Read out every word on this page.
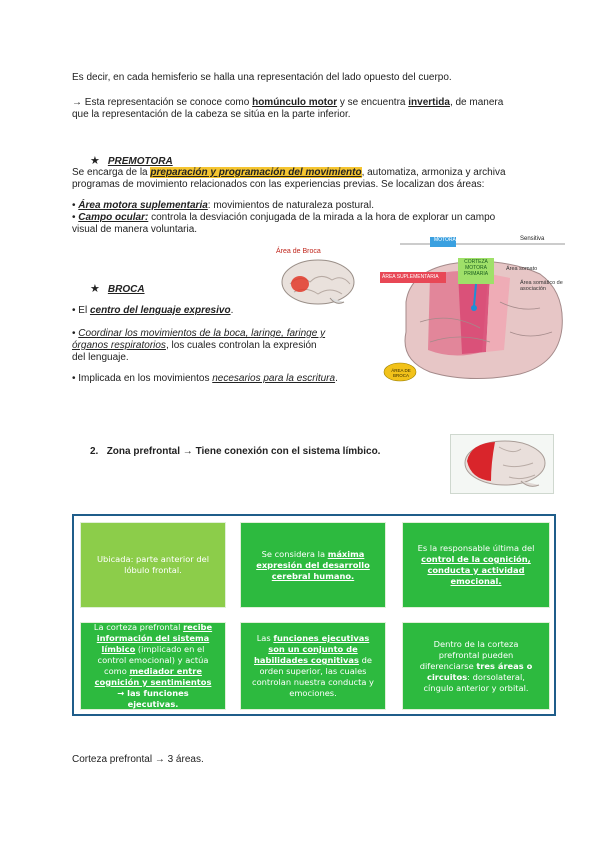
Es decir, en cada hemisferio se halla una representación del lado opuesto del cuerpo.
→ Esta representación se conoce como homúnculo motor y se encuentra invertida, de manera
que la representación de la cabeza se sitúa en la parte inferior.
★ PREMOTORA
Se encarga de la preparación y programación del movimiento, automatiza, armoniza y archiva
programas de movimiento relacionados con las experiencias previas. Se localizan dos áreas:
• Área motora suplementaria: movimientos de naturaleza postural.
• Campo ocular: controla la desviación conjugada de la mirada a la hora de explorar un campo
visual de manera voluntaria.
Área de Broca
MOTORA	Sensitiva
CORTEZA MOTORA PRIMARIA
ÁREA SUPLEMENTARIA
Área somato
Área somático de asociación
ÁREA DE BROCA
★ BROCA
• El centro del lenguaje expresivo.
• Coordinar los movimientos de la boca, laringe, faringe y
órganos respiratorios, los cuales controlan la expresión
del lenguaje.
• Implicada en los movimientos necesarios para la escritura.
2. Zona prefrontal → Tiene conexión con el sistema límbico.
Ubicada: parte anterior del lóbulo frontal.
Se considera la máxima expresión del desarrollo cerebral humano.
Es la responsable última del control de la cognición, conducta y actividad emocional.
La corteza prefrontal recibe información del sistema límbico (implicado en el control emocional) y actúa como mediador entre cognición y sentimientos → las funciones ejecutivas.
Las funciones ejecutivas son un conjunto de habilidades cognitivas de orden superior, las cuales controlan nuestra conducta y emociones.
Dentro de la corteza prefrontal pueden diferenciarse tres áreas o circuitos: dorsolateral, cíngulo anterior y orbital.
Corteza prefrontal → 3 áreas.
